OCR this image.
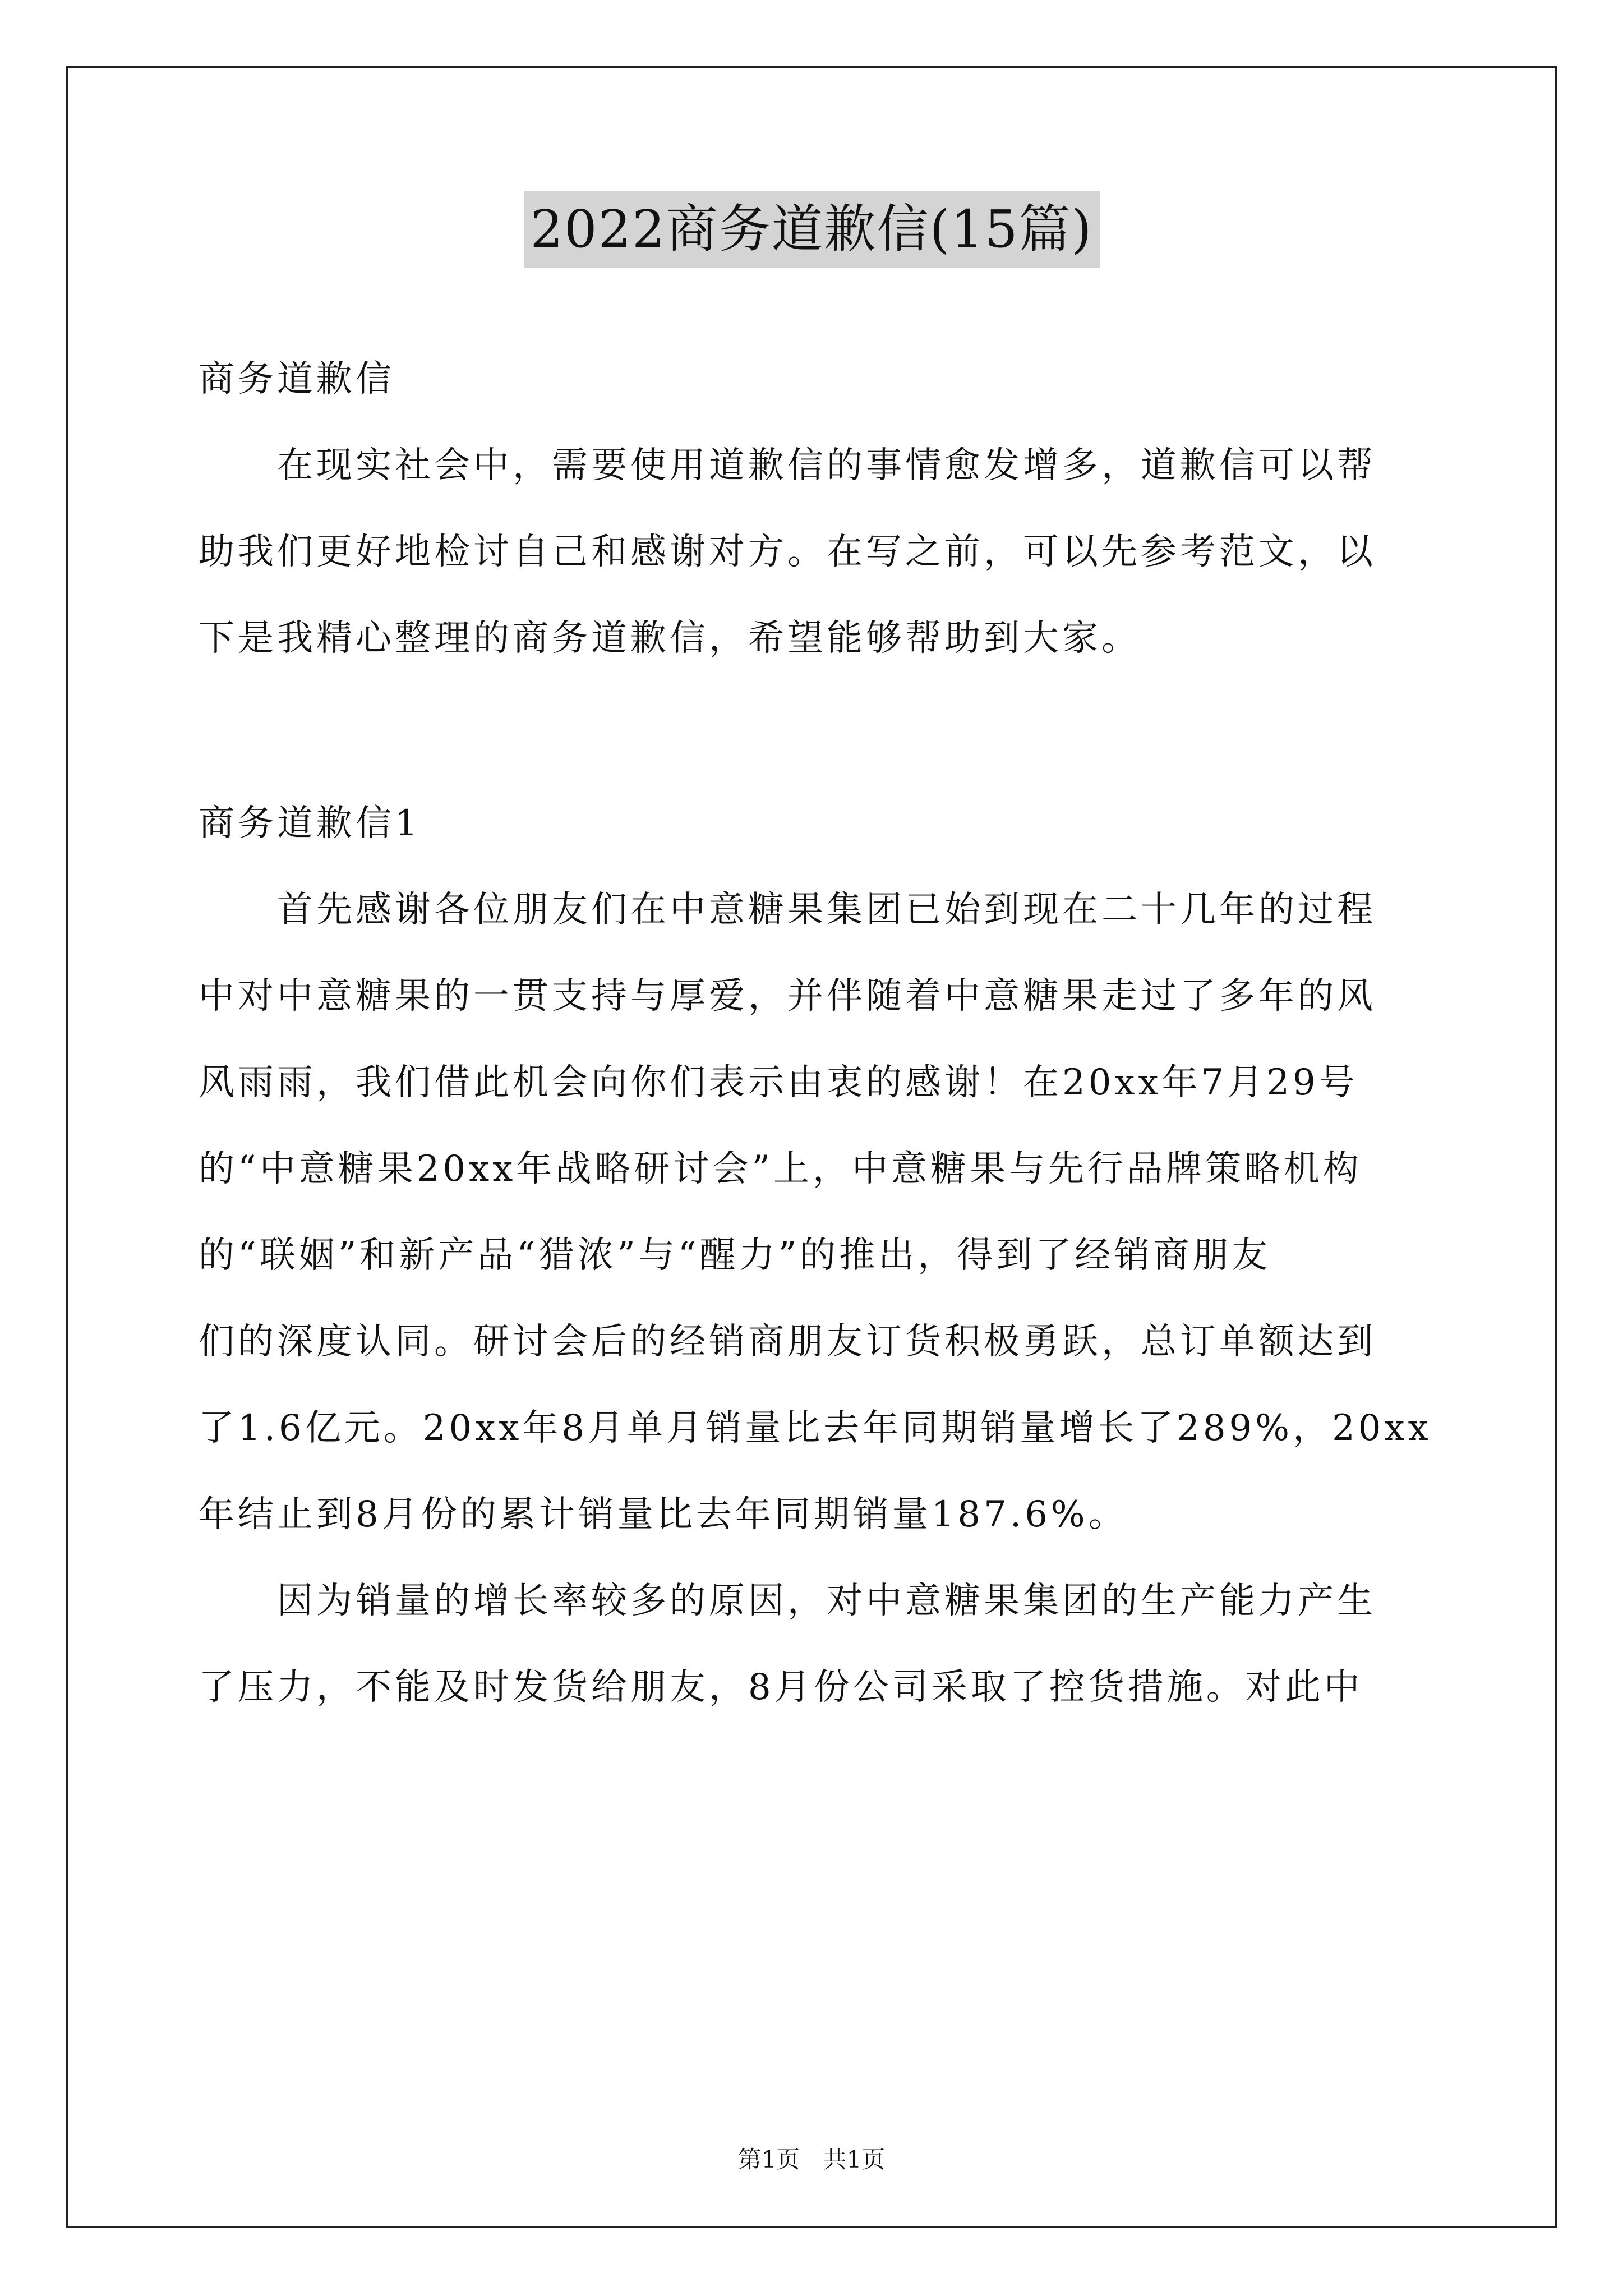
2022商务道歉信(15篇)
商务道歉信
在现实社会中，需要使用道歉信的事情愈发增多，道歉信可以帮
助我们更好地检讨自己和感谢对方。在写之前，可以先参考范文，以
下是我精心整理的商务道歉信，希望能够帮助到大家。
商务道歉信1
首先感谢各位朋友们在中意糖果集团已始到现在二十几年的过程
中对中意糖果的一贯支持与厚爱，并伴随着中意糖果走过了多年的风
风雨雨，我们借此机会向你们表示由衷的感谢！在20xx年7月29号
的“中意糖果20xx年战略研讨会”上，中意糖果与先行品牌策略机构
的“联姻”和新产品“猎浓”与“醒力”的推出，得到了经销商朋友
们的深度认同。研讨会后的经销商朋友订货积极勇跃，总订单额达到
了1.6亿元。20xx年8月单月销量比去年同期销量增长了289%，20xx
年结止到8月份的累计销量比去年同期销量187.6%。
因为销量的增长率较多的原因，对中意糖果集团的生产能力产生
了压力，不能及时发货给朋友，8月份公司采取了控货措施。对此中
第1页 共1页
